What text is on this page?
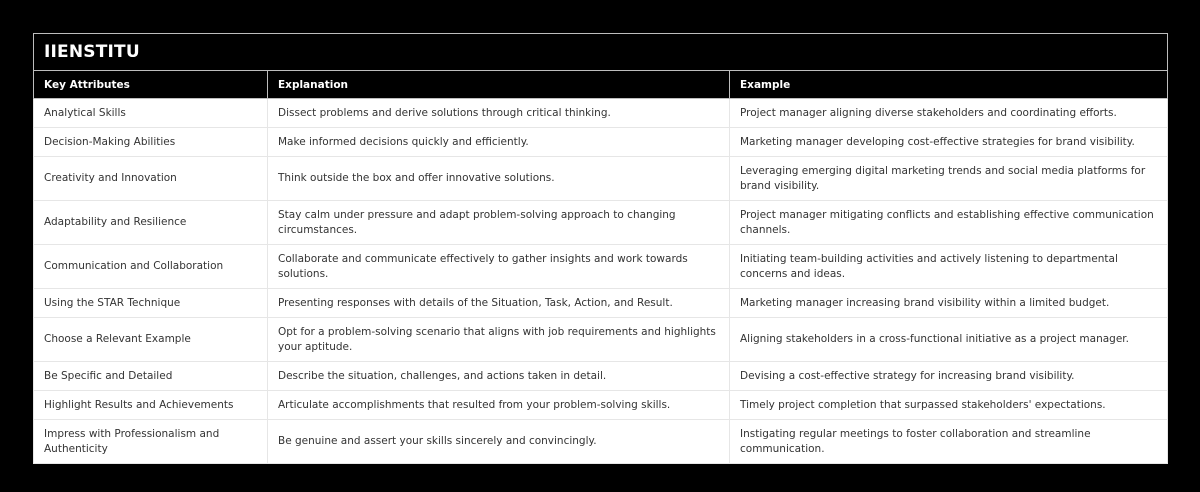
IIENSTITU		
Key Attributes	Explanation	Example
Analytical Skills	Dissect problems and derive solutions through critical thinking.	Project manager aligning diverse stakeholders and coordinating efforts.
Decision-Making Abilities	Make informed decisions quickly and efficiently.	Marketing manager developing cost-effective strategies for brand visibility.
Creativity and Innovation	Think outside the box and offer innovative solutions.	Leveraging emerging digital marketing trends and social media platforms for brand visibility.
Adaptability and Resilience	Stay calm under pressure and adapt problem-solving approach to changing circumstances.	Project manager mitigating conflicts and establishing effective communication channels.
Communication and Collaboration	Collaborate and communicate effectively to gather insights and work towards solutions.	Initiating team-building activities and actively listening to departmental concerns and ideas.
Using the STAR Technique	Presenting responses with details of the Situation, Task, Action, and Result.	Marketing manager increasing brand visibility within a limited budget.
Choose a Relevant Example	Opt for a problem-solving scenario that aligns with job requirements and highlights your aptitude.	Aligning stakeholders in a cross-functional initiative as a project manager.
Be Specific and Detailed	Describe the situation, challenges, and actions taken in detail.	Devising a cost-effective strategy for increasing brand visibility.
Highlight Results and Achievements	Articulate accomplishments that resulted from your problem-solving skills.	Timely project completion that surpassed stakeholders' expectations.
Impress with Professionalism and Authenticity	Be genuine and assert your skills sincerely and convincingly.	Instigating regular meetings to foster collaboration and streamline communication.
